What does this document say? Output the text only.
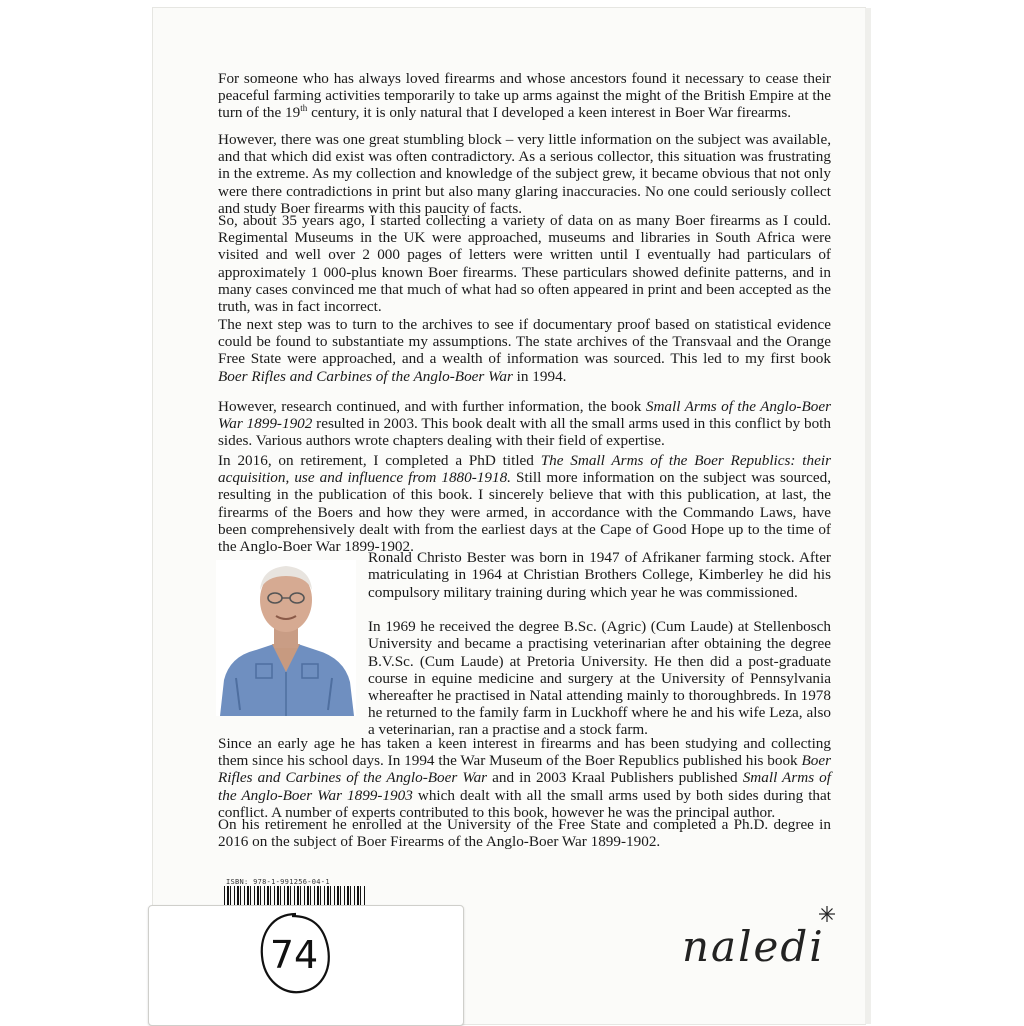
For someone who has always loved firearms and whose ancestors found it necessary to cease their peaceful farming activities temporarily to take up arms against the might of the British Empire at the turn of the 19th century, it is only natural that I developed a keen interest in Boer War firearms.

However, there was one great stumbling block – very little information on the subject was available, and that which did exist was often contradictory. As a serious collector, this situation was frustrating in the extreme. As my collection and knowledge of the subject grew, it became obvious that not only were there contradictions in print but also many glaring inaccuracies. No one could seriously collect and study Boer firearms with this paucity of facts.

So, about 35 years ago, I started collecting a variety of data on as many Boer firearms as I could. Regimental Museums in the UK were approached, museums and libraries in South Africa were visited and well over 2 000 pages of letters were written until I eventually had particulars of approximately 1 000-plus known Boer firearms. These particulars showed definite patterns, and in many cases convinced me that much of what had so often appeared in print and been accepted as the truth, was in fact incorrect.

The next step was to turn to the archives to see if documentary proof based on statistical evidence could be found to substantiate my assumptions. The state archives of the Transvaal and the Orange Free State were approached, and a wealth of information was sourced. This led to my first book Boer Rifles and Carbines of the Anglo-Boer War in 1994.

However, research continued, and with further information, the book Small Arms of the Anglo-Boer War 1899-1902 resulted in 2003. This book dealt with all the small arms used in this conflict by both sides. Various authors wrote chapters dealing with their field of expertise.

In 2016, on retirement, I completed a PhD titled The Small Arms of the Boer Republics: their acquisition, use and influence from 1880-1918. Still more information on the subject was sourced, resulting in the publication of this book. I sincerely believe that with this publication, at last, the firearms of the Boers and how they were armed, in accordance with the Commando Laws, have been comprehensively dealt with from the earliest days at the Cape of Good Hope up to the time of the Anglo-Boer War 1899-1902.

Ronald Christo Bester was born in 1947 of Afrikaner farming stock. After matriculating in 1964 at Christian Brothers College, Kimberley he did his compulsory military training during which year he was commissioned.

In 1969 he received the degree B.Sc. (Agric) (Cum Laude) at Stellenbosch University and became a practising veterinarian after obtaining the degree B.V.Sc. (Cum Laude) at Pretoria University. He then did a post-graduate course in equine medicine and surgery at the University of Pennsylvania whereafter he practised in Natal attending mainly to thoroughbreds. In 1978 he returned to the family farm in Luckhoff where he and his wife Leza, also a veterinarian, ran a practise and a stock farm.

Since an early age he has taken a keen interest in firearms and has been studying and collecting them since his school days. In 1994 the War Museum of the Boer Republics published his book Boer Rifles and Carbines of the Anglo-Boer War and in 2003 Kraal Publishers published Small Arms of the Anglo-Boer War 1899-1903 which dealt with all the small arms used by both sides during that conflict. A number of experts contributed to this book, however he was the principal author.

On his retirement he enrolled at the University of the Free State and completed a Ph.D. degree in 2016 on the subject of Boer Firearms of the Anglo-Boer War 1899-1902.

ISBN: 978-1-991256-04-1
74	naledi
